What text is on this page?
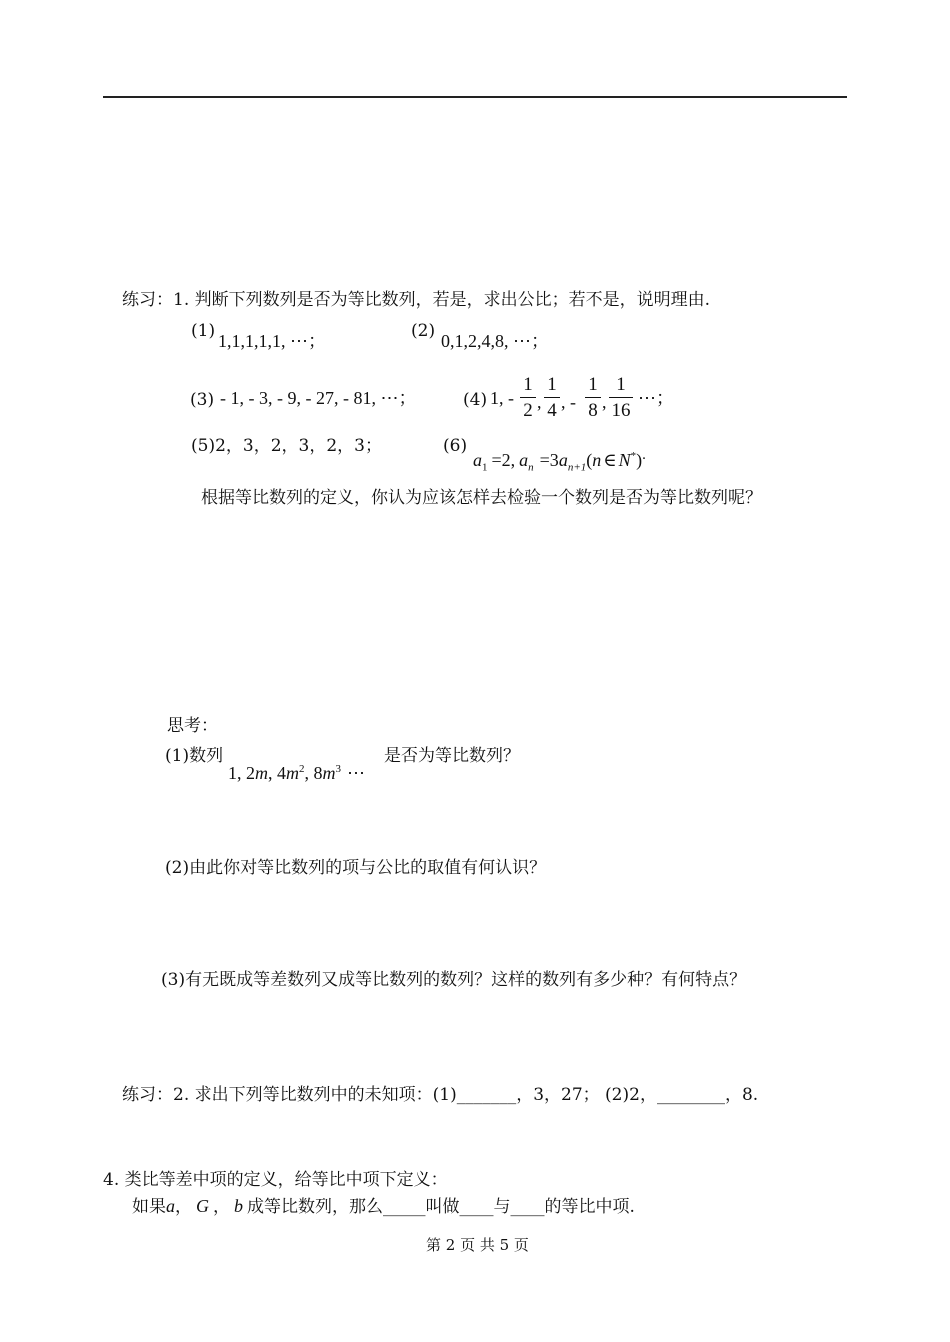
练习：1. 判断下列数列是否为等比数列，若是，求出公比；若不是，说明理由.
(1) 1,1,1,1,1, ⋯；	(2) 0,1,2,4,8, ⋯；
(3) - 1, - 3, - 9, - 27, - 81, ⋯；	(4) 1, -
1
2 ,
1
4 , -
1
8 ,
1
16
⋯；
(5)2，3，2，3，2，3；	(6)
$a_1 =2$, $a_n =3a_{n+1}(n$ ∈ N*).
根据等比数列的定义，你认为应该怎样去检验一个数列是否为等比数列呢？
思考：
(1)数列
1, 2m, $4m^2$, $8m^3$ ⋯
是否为等比数列？
(2)由此你对等比数列的项与公比的取值有何认识？
(3)有无既成等差数列又成等比数列的数列？这样的数列有多少种？有何特点？
练习：2. 求出下列等比数列中的未知项：(1)_______，3，27； (2)2，________，8.
4. 类比等差中项的定义，给等比中项下定义：
如果a， G ， b 成等比数列，那么_____叫做____与____的等比中项.
第 2 页 共 5 页
